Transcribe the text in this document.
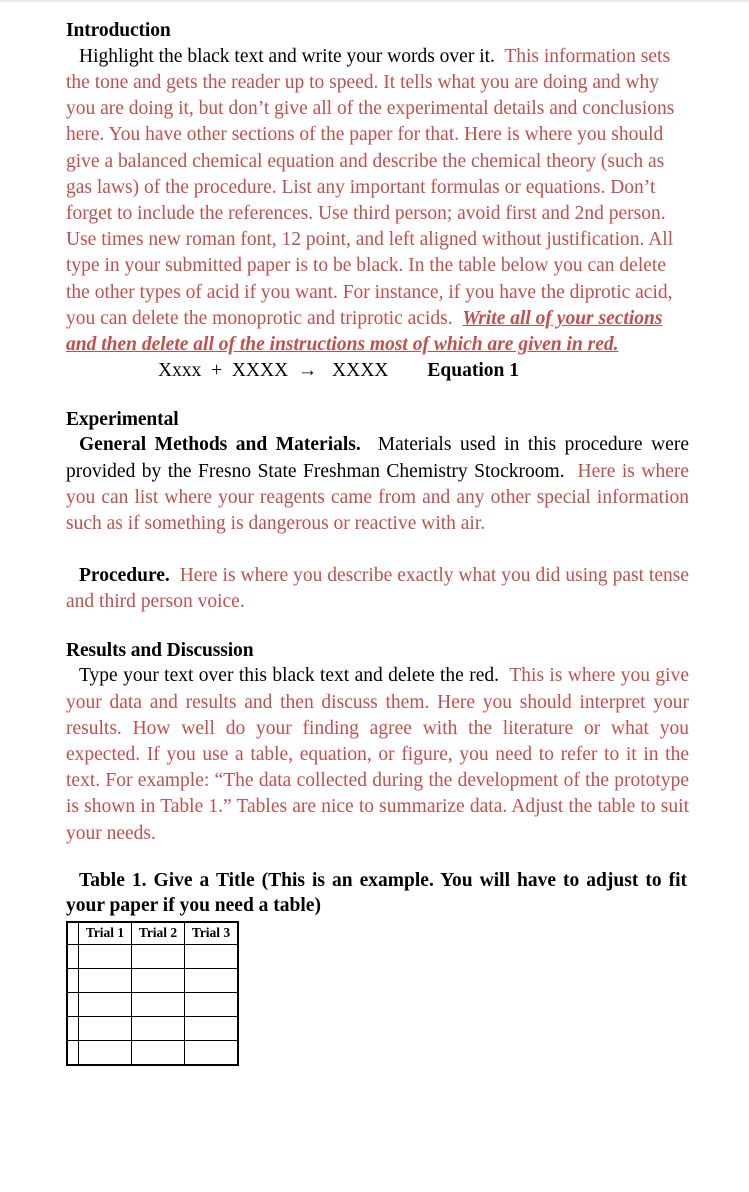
Introduction

Highlight the black text and write your words over it. This information sets the tone and gets the reader up to speed. It tells what you are doing and why you are doing it, but don’t give all of the experimental details and conclusions here. You have other sections of the paper for that. Here is where you should give a balanced chemical equation and describe the chemical theory (such as gas laws) of the procedure. List any important formulas or equations. Don’t forget to include the references. Use third person; avoid first and 2nd person. Use times new roman font, 12 point, and left aligned without justification. All type in your submitted paper is to be black. In the table below you can delete the other types of acid if you want. For instance, if you have the diprotic acid, you can delete the monoprotic and triprotic acids. Write all of your sections and then delete all of the instructions most of which are given in red.

Xxxx  +  XXXX  →   XXXX Equation 1

Experimental

General Methods and Materials. Materials used in this procedure were provided by the Fresno State Freshman Chemistry Stockroom. Here is where you can list where your reagents came from and any other special information such as if something is dangerous or reactive with air.

Procedure. Here is where you describe exactly what you did using past tense and third person voice.

Results and Discussion

Type your text over this black text and delete the red. This is where you give your data and results and then discuss them. Here you should interpret your results. How well do your finding agree with the literature or what you expected. If you use a table, equation, or figure, you need to refer to it in the text. For example: “The data collected during the development of the prototype is shown in Table 1.” Tables are nice to summarize data. Adjust the table to suit your needs.

Table 1. Give a Title (This is an example. You will have to adjust to fit your paper if you need a table)

	Trial 1	Trial 2	Trial 3
